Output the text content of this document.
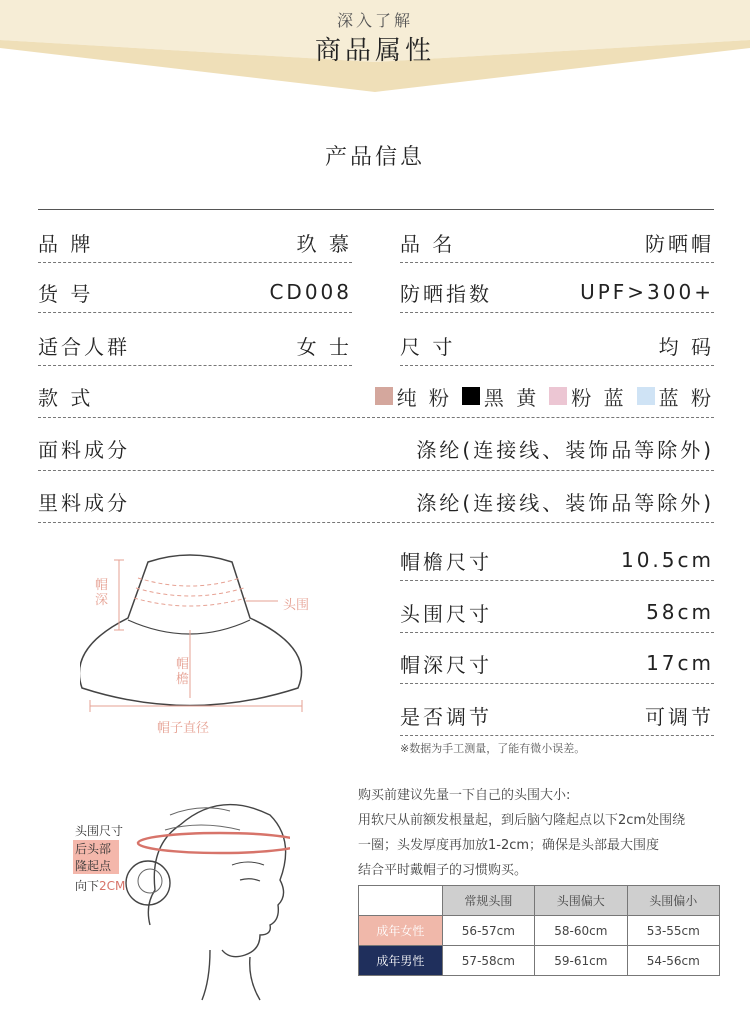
深入了解
商品属性
产品信息
品 牌	玖 慕 品 名	防晒帽
货 号	CD008 防晒指数	UPF>300+
适合人群	女 士 尺 寸	均 码
款 式	纯 粉 黑 黄 粉 蓝 蓝 粉
面料成分	涤纶(连接线、装饰品等除外)
里料成分	涤纶(连接线、装饰品等除外)
帽深	头围
帽檐
帽子直径
帽檐尺寸	10.5cm
头围尺寸	58cm
帽深尺寸	17cm
是否调节	可调节
※数据为手工测量，了能有微小误差。
头围尺寸
后头部
隆起点
向下2CM
购买前建议先量一下自己的头围大小:
用软尺从前额发根量起，到后脑勺隆起点以下2cm处围绕
一圈；头发厚度再加放1-2cm；确保是头部最大围度
结合平时戴帽子的习惯购买。
	常规头围	头围偏大	头围偏小
成年女性	56-57cm	58-60cm	53-55cm
成年男性	57-58cm	59-61cm	54-56cm
